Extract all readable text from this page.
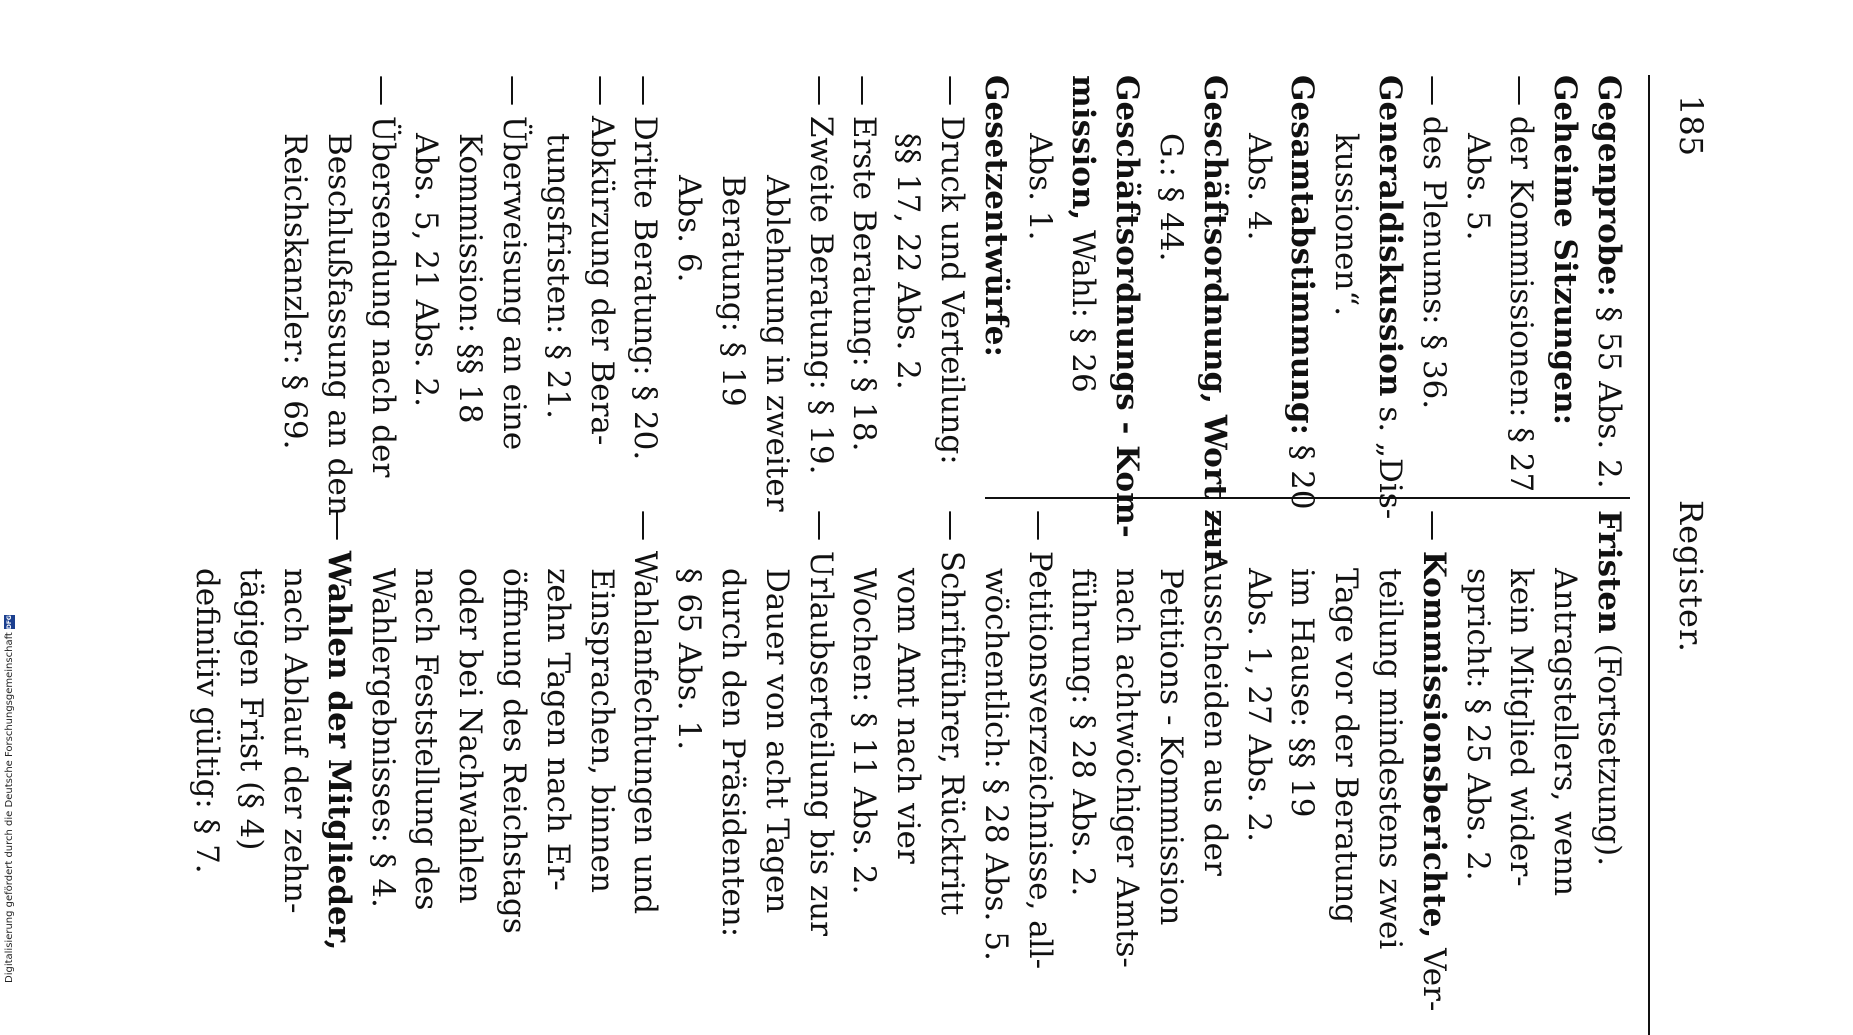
Digitalisierung gefördert durch die Deutsche Forschungsgemeinschaft
DFG
185
Register.
Gegenprobe: § 55 Abs. 2.
Geheime Sitzungen:
— der Kommissionen: § 27
Abs. 5.
— des Plenums: § 36.
Generaldiskussion s. „Dis-
kussionen“.
Gesamtabstimmung: § 20
Abs. 4.
Geschäftsordnung, Wort zur
G.: § 44.
Geschäftsordnungs - Kom-
mission, Wahl: § 26
Abs. 1.
Gesetzentwürfe:
— Druck und Verteilung:
§§ 17, 22 Abs. 2.
— Erste Beratung: § 18.
— Zweite Beratung: § 19.
Ablehnung in zweiter
Beratung: § 19
Abs. 6.
— Dritte Beratung: § 20.
— Abkürzung der Bera-
tungsfristen: § 21.
— Überweisung an eine
Kommission: §§ 18
Abs. 5, 21 Abs. 2.
— Übersendung nach der
Beschlußfassung an den
Reichskanzler: § 69.
Fristen (Fortsetzung).
Antragstellers, wenn
kein Mitglied wider-
spricht: § 25 Abs. 2.
— Kommissionsberichte, Ver-
teilung mindestens zwei
Tage vor der Beratung
im Hause: §§ 19
Abs. 1, 27 Abs. 2.
— Ausscheiden aus der
Petitions - Kommission
nach achtwöchiger Amts-
führung: § 28 Abs. 2.
— Petitionsverzeichnisse, all-
wöchentlich: § 28 Abs. 5.
— Schriftführer, Rücktritt
vom Amt nach vier
Wochen: § 11 Abs. 2.
— Urlaubserteilung bis zur
Dauer von acht Tagen
durch den Präsidenten:
§ 65 Abs. 1.
— Wahlanfechtungen und
Einsprachen, binnen
zehn Tagen nach Er-
öffnung des Reichstags
oder bei Nachwahlen
nach Feststellung des
Wahlergebnisses: § 4.
— Wahlen der Mitglieder,
nach Ablauf der zehn-
tägigen Frist (§ 4)
definitiv gültig: § 7.
